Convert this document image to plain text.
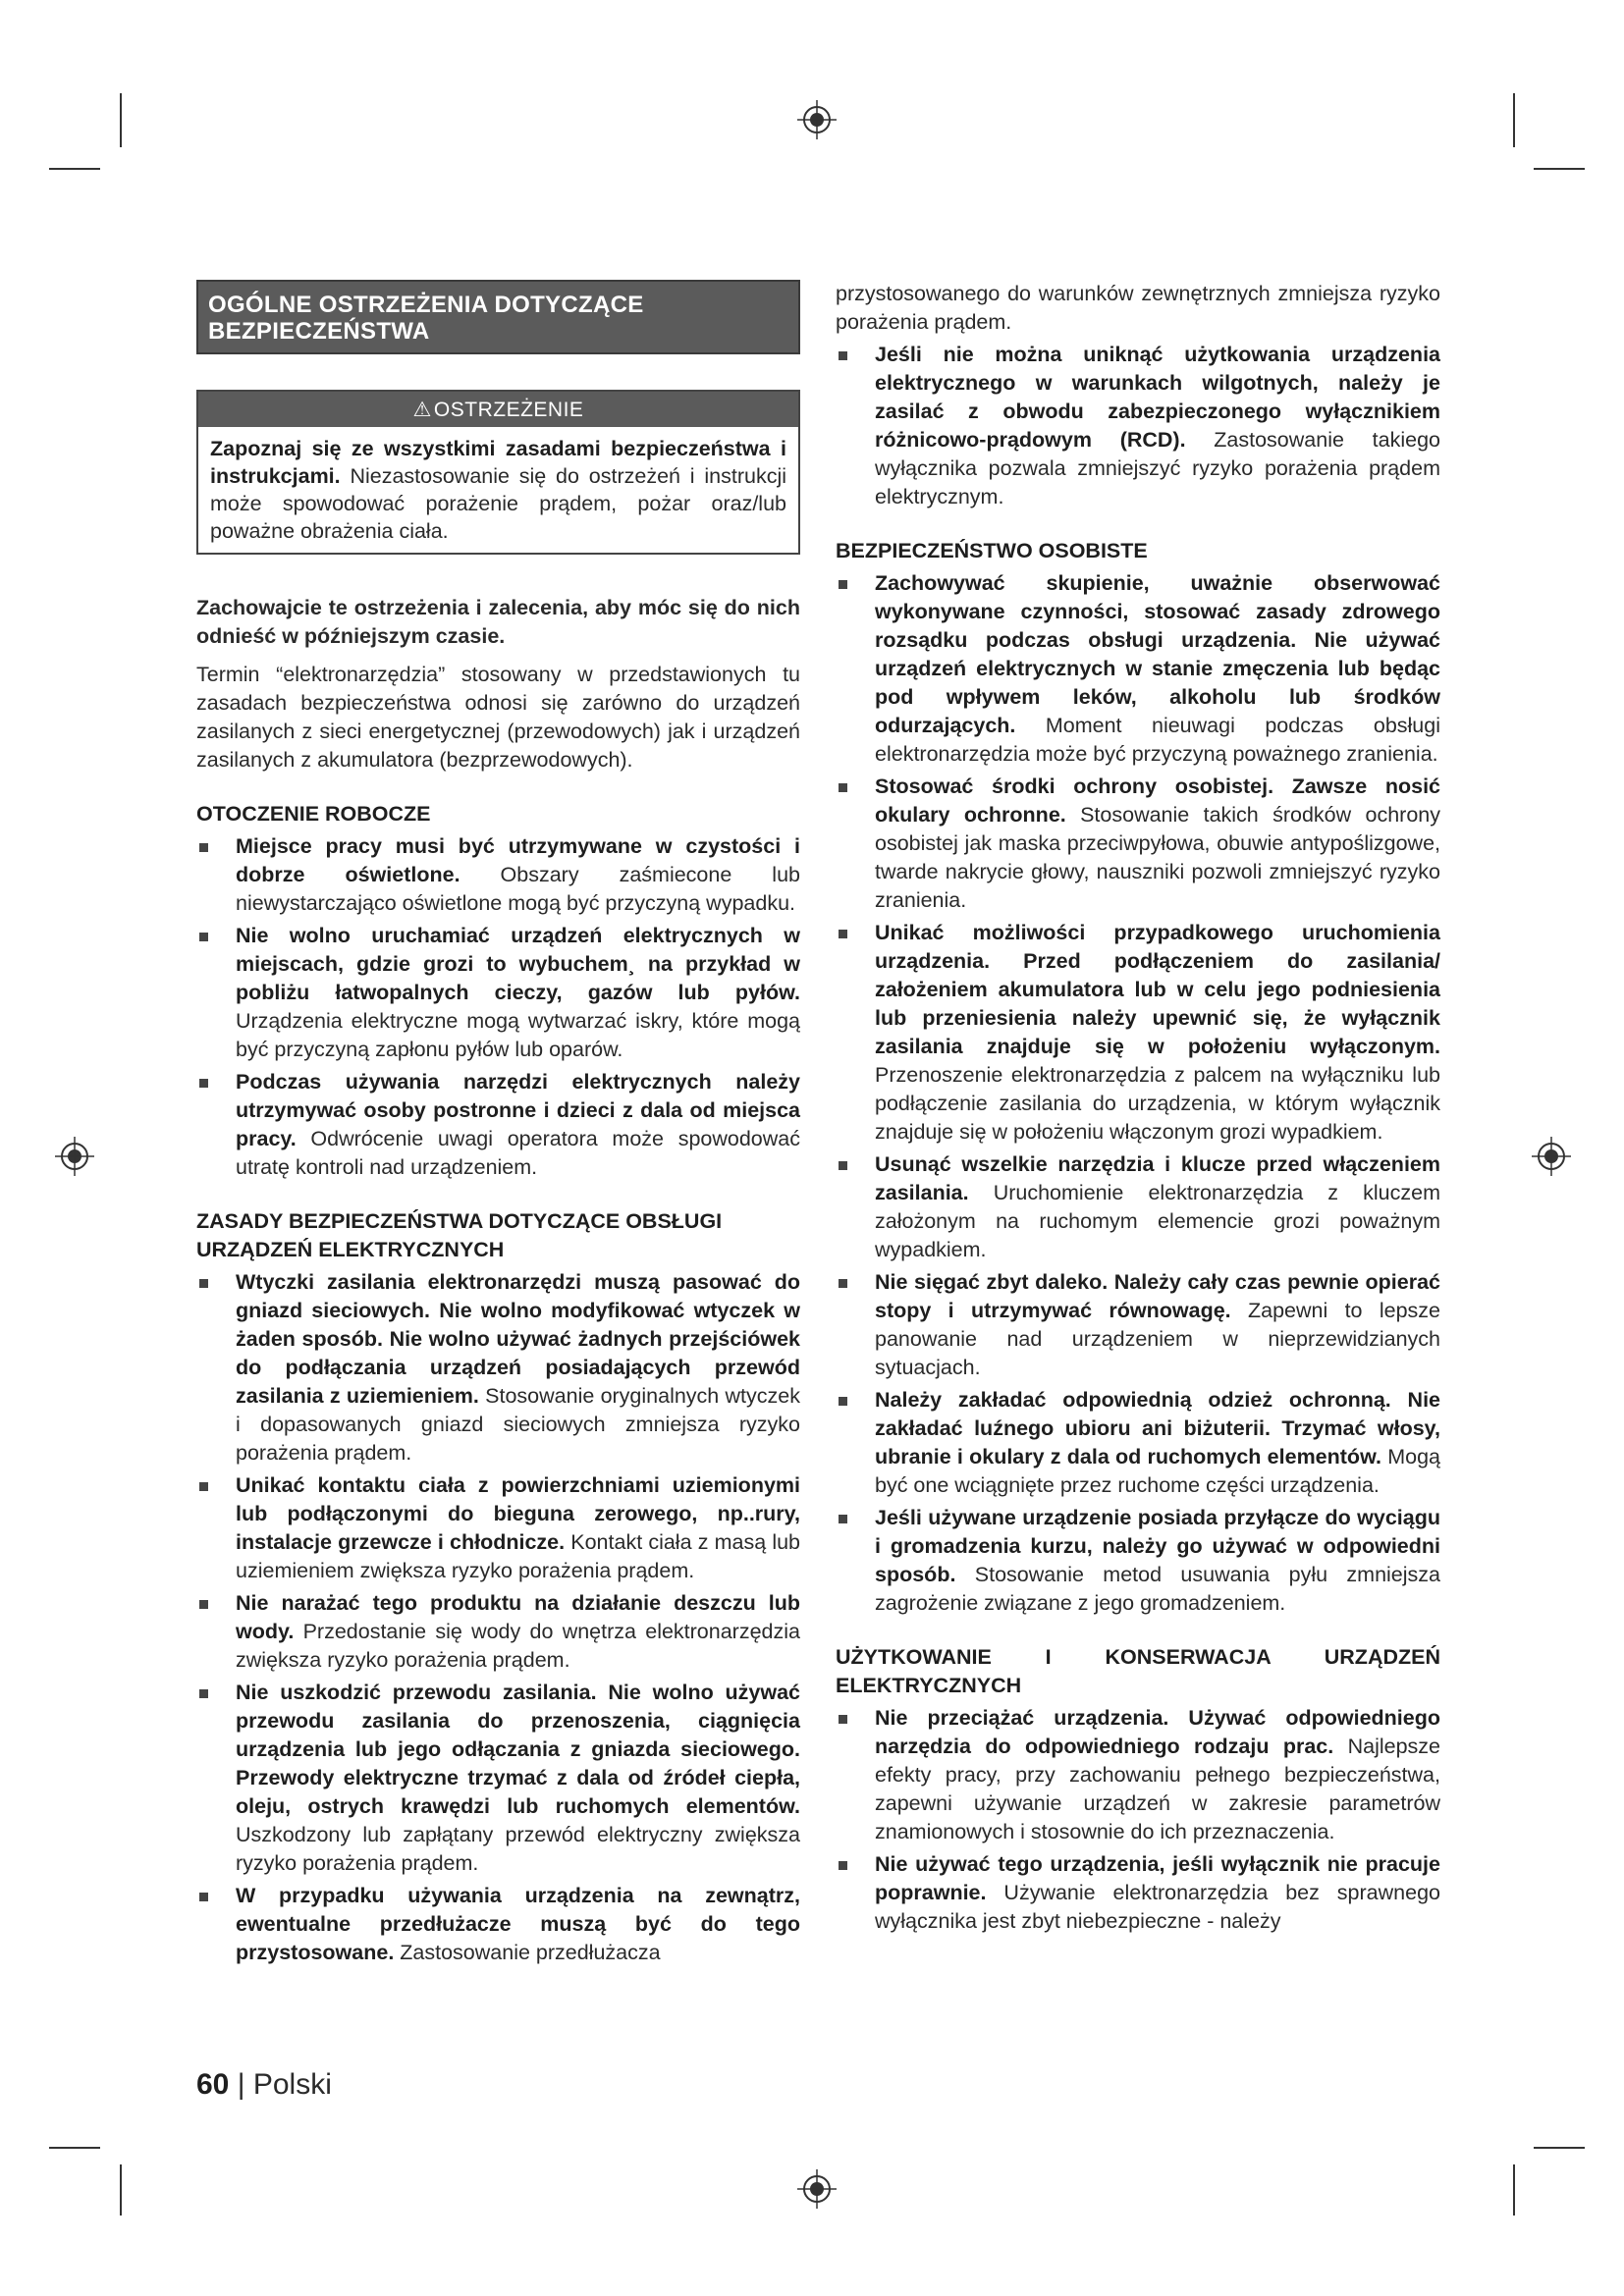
OGÓLNE OSTRZEŻENIA DOTYCZĄCE BEZPIECZEŃSTWA
⚠OSTRZEŻENIE
Zapoznaj się ze wszystkimi zasadami bezpieczeństwa i instrukcjami. Niezastosowanie się do ostrzeżeń i instrukcji może spowodować porażenie prądem, pożar oraz/lub poważne obrażenia ciała.

Zachowajcie te ostrzeżenia i zalecenia, aby móc się do nich odnieść w późniejszym czasie.

Termin “elektronarzędzia” stosowany w przedstawionych tu zasadach bezpieczeństwa odnosi się zarówno do urządzeń zasilanych z sieci energetycznej (przewodowych) jak i urządzeń zasilanych z akumulatora (bezprzewodowych).

OTOCZENIE ROBOCZE
Miejsce pracy musi być utrzymywane w czystości i dobrze oświetlone. Obszary zaśmiecone lub niewystarczająco oświetlone mogą być przyczyną wypadku.
Nie wolno uruchamiać urządzeń elektrycznych w miejscach, gdzie grozi to wybuchem¸ na przykład w pobliżu łatwopalnych cieczy, gazów lub pyłów. Urządzenia elektryczne mogą wytwarzać iskry, które mogą być przyczyną zapłonu pyłów lub oparów.
Podczas używania narzędzi elektrycznych należy utrzymywać osoby postronne i dzieci z dala od miejsca pracy. Odwrócenie uwagi operatora może spowodować utratę kontroli nad urządzeniem.
ZASADY BEZPIECZEŃSTWA DOTYCZĄCE OBSŁUGI URZĄDZEŃ ELEKTRYCZNYCH
Wtyczki zasilania elektronarzędzi muszą pasować do gniazd sieciowych. Nie wolno modyfikować wtyczek w żaden sposób. Nie wolno używać żadnych przejściówek do podłączania urządzeń posiadających przewód zasilania z uziemieniem. Stosowanie oryginalnych wtyczek i dopasowanych gniazd sieciowych zmniejsza ryzyko porażenia prądem.
Unikać kontaktu ciała z powierzchniami uziemionymi lub podłączonymi do bieguna zerowego, np..rury, instalacje grzewcze i chłodnicze. Kontakt ciała z masą lub uziemieniem zwiększa ryzyko porażenia prądem.
Nie narażać tego produktu na działanie deszczu lub wody. Przedostanie się wody do wnętrza elektronarzędzia zwiększa ryzyko porażenia prądem.
Nie uszkodzić przewodu zasilania. Nie wolno używać przewodu zasilania do przenoszenia, ciągnięcia urządzenia lub jego odłączania z gniazda sieciowego. Przewody elektryczne trzymać z dala od źródeł ciepła, oleju, ostrych krawędzi lub ruchomych elementów. Uszkodzony lub zapłątany przewód elektryczny zwiększa ryzyko porażenia prądem.
W przypadku używania urządzenia na zewnątrz, ewentualne przedłużacze muszą być do tego przystosowane. Zastosowanie przedłużacza

przystosowanego do warunków zewnętrznych zmniejsza ryzyko porażenia prądem.

Jeśli nie można uniknąć użytkowania urządzenia elektrycznego w warunkach wilgotnych, należy je zasilać z obwodu zabezpieczonego wyłącznikiem różnicowo-prądowym (RCD). Zastosowanie takiego wyłącznika pozwala zmniejszyć ryzyko porażenia prądem elektrycznym.
BEZPIECZEŃSTWO OSOBISTE
Zachowywać skupienie, uważnie obserwować wykonywane czynności, stosować zasady zdrowego rozsądku podczas obsługi urządzenia. Nie używać urządzeń elektrycznych w stanie zmęczenia lub będąc pod wpływem leków, alkoholu lub środków odurzających. Moment nieuwagi podczas obsługi elektronarzędzia może być przyczyną poważnego zranienia.
Stosować środki ochrony osobistej. Zawsze nosić okulary ochronne. Stosowanie takich środków ochrony osobistej jak maska przeciwpyłowa, obuwie antypoślizgowe, twarde nakrycie głowy, nauszniki pozwoli zmniejszyć ryzyko zranienia.
Unikać możliwości przypadkowego uruchomienia urządzenia. Przed podłączeniem do zasilania/ założeniem akumulatora lub w celu jego podniesienia lub przeniesienia należy upewnić się, że wyłącznik zasilania znajduje się w położeniu wyłączonym. Przenoszenie elektronarzędzia z palcem na wyłączniku lub podłączenie zasilania do urządzenia, w którym wyłącznik znajduje się w położeniu włączonym grozi wypadkiem.
Usunąć wszelkie narzędzia i klucze przed włączeniem zasilania. Uruchomienie elektronarzędzia z kluczem założonym na ruchomym elemencie grozi poważnym wypadkiem.
Nie sięgać zbyt daleko. Należy cały czas pewnie opierać stopy i utrzymywać równowagę. Zapewni to lepsze panowanie nad urządzeniem w nieprzewidzianych sytuacjach.
Należy zakładać odpowiednią odzież ochronną. Nie zakładać luźnego ubioru ani biżuterii. Trzymać włosy, ubranie i okulary z dala od ruchomych elementów. Mogą być one wciągnięte przez ruchome części urządzenia.
Jeśli używane urządzenie posiada przyłącze do wyciągu i gromadzenia kurzu, należy go używać w odpowiedni sposób. Stosowanie metod usuwania pyłu zmniejsza zagrożenie związane z jego gromadzeniem.
UŻYTKOWANIE I KONSERWACJA URZĄDZEŃ ELEKTRYCZNYCH
Nie przeciążać urządzenia. Używać odpowiedniego narzędzia do odpowiedniego rodzaju prac. Najlepsze efekty pracy, przy zachowaniu pełnego bezpieczeństwa, zapewni używanie urządzeń w zakresie parametrów znamionowych i stosownie do ich przeznaczenia.
Nie używać tego urządzenia, jeśli wyłącznik nie pracuje poprawnie. Używanie elektronarzędzia bez sprawnego wyłącznika jest zbyt niebezpieczne - należy
60 | Polski
